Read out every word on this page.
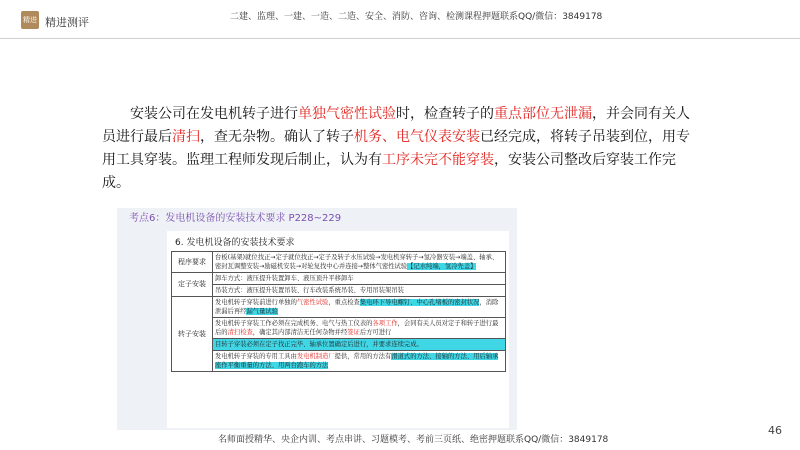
精进 精进测评	二建、监理、一建、一造、二造、安全、消防、咨询、检测课程押题联系QQ/微信：3849178

安装公司在发电机转子进行单独气密性试验时，检查转子的重点部位无泄漏，并会同有关人员进行最后清扫，查无杂物。确认了转子机务、电气仪表安装已经完成，将转子吊装到位，用专用工具穿装。监理工程师发现后制止，认为有工序未完不能穿装，安装公司整改后穿装工作完成。

考点6：发电机设备的安装技术要求 P228~229
6. 发电机设备的安装技术要求
程序要求	台板(基架)就位找正→定子就位找正→定子及转子水压试验→发电机穿转子→氢冷器安装→端盖、轴承、密封瓦调整安装→励磁机安装→对轮复找中心并连接→整体气密性试验【记水纯端，氢冷先盖】
定子安装	卸车方式：液压提升装置卸车、液压顶升平移卸车
	吊装方式：液压提升装置吊装、行车改装系统吊装、专用吊装架吊装
转子安装	发电机转子穿装前进行单独的气密性试验，重点检查集电环下导电螺钉、中心孔堵板的密封状况，消除泄漏后再经漏气量试验
	发电机转子穿装工作必须在完成机务、电气与热工仪表的各项工作，会同有关人员对定子和转子进行最后的清扫检查，确定其内部清洁无任何杂物并经签证后方可进行
	目转子穿装必须在定子找正完毕、轴承位置确定后进行，并要求连续完成。
	发电机转子穿装的专用工具由发电机制造厂提供，常用的方法有滑道式的方法、接轴的方法、用后轴承座作平衡重量的方法、用两台跑车的方法
46
名师面授精华、央企内训、考点串讲、习题模考、考前三页纸、绝密押题联系QQ/微信：3849178
